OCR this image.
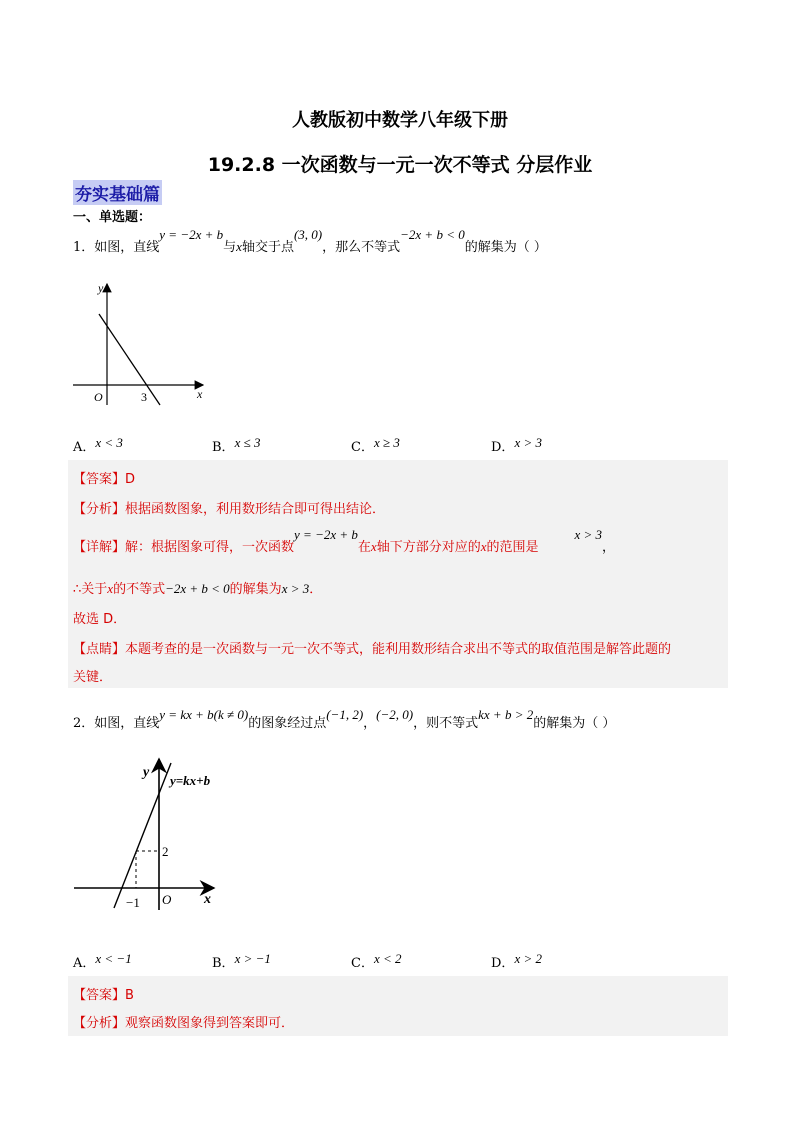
人教版初中数学八年级下册
19.2.8 一次函数与一元一次不等式 分层作业
夯实基础篇
一、单选题：
1．如图，直线y = −2x + b与x轴交于点(3, 0)，那么不等式−2x + b < 0的解集为（ ）
y
x
O	3
A．x < 3	B．x ≤ 3	C．x ≥ 3	D．x > 3
【答案】D
【分析】根据函数图象，利用数形结合即可得出结论．
【详解】解：根据图象可得，一次函数y = −2x + b在x轴下方部分对应的x的范围是x > 3，
∴关于x的不等式−2x + b < 0的解集为x > 3．
故选 D．
【点睛】本题考查的是一次函数与一元一次不等式，能利用数形结合求出不等式的取值范围是解答此题的
关键．
2．如图，直线y = kx + b(k ≠ 0)的图象经过点(−1, 2)，(−2, 0)，则不等式kx + b > 2的解集为（ ）
y
x
O
y=kx+b
2
−1
A．x < −1	B．x > −1	C．x < 2	D．x > 2
【答案】B
【分析】观察函数图象得到答案即可．
